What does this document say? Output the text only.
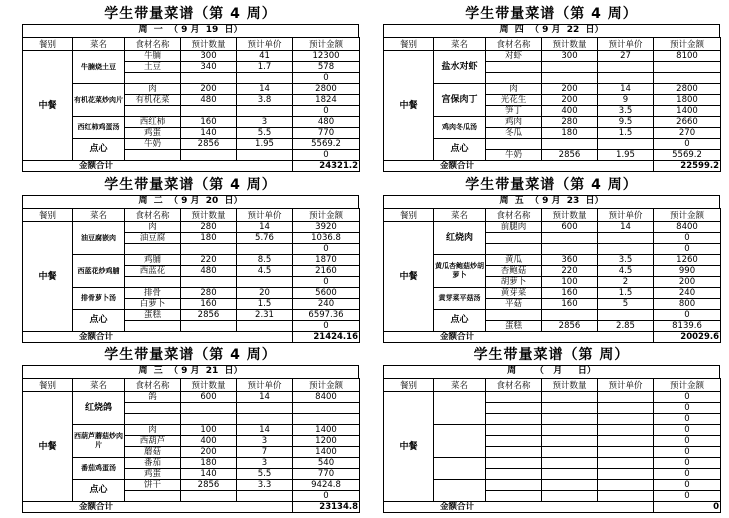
学生带量菜谱（第 4 周）
周  一  （ 9 月  19  日）
餐别	菜名	食材名称	预计数量	预计单价	预计金额
中餐	牛腩烧土豆	牛腩	300	41	12300
		土豆	340	1.7	578
					0
	有机花菜炒肉片	肉	200	14	2800
		有机花菜	480	3.8	1824
					0
	西红柿鸡蛋汤	西红柿	160	3	480
		鸡蛋	140	5.5	770
	点心	牛奶	2856	1.95	5569.2
					0
金额合计					24321.2
学生带量菜谱（第 4 周）
周  四  （ 9 月  22  日）
餐别	菜名	食材名称	预计数量	预计单价	预计金额
中餐	盐水对虾	对虾	300	27	8100

	宫保肉丁	肉	200	14	2800
		光花生	200	9	1800
		笋丁	400	3.5	1400
	鸡肉冬瓜汤	鸡肉	280	9.5	2660
		冬瓜	180	1.5	270
	点心				0
		牛奶	2856	1.95	5569.2
金额合计					22599.2
学生带量菜谱（第 4 周）
周  二  （ 9 月  20  日）
餐别	菜名	食材名称	预计数量	预计单价	预计金额
中餐	油豆腐嵌肉	肉	280	14	3920
		油豆腐	180	5.76	1036.8
					0
	西蓝花炒鸡脯	鸡脯	220	8.5	1870
		西蓝花	480	4.5	2160
					0
	排骨萝卜汤	排骨	280	20	5600
		白萝卜	160	1.5	240
	点心	蛋糕	2856	2.31	6597.36
					0
金额合计					21424.16
学生带量菜谱（第 4 周）
周  五  （ 9 月  23  日）
餐别	菜名	食材名称	预计数量	预计单价	预计金额
中餐	红烧肉	前腿肉	600	14	8400
					0
					0
	黄瓜杏鲍菇炒胡萝卜	黄瓜	360	3.5	1260
		杏鲍菇	220	4.5	990
		胡萝卜	100	2	200
	黄芽菜平菇汤	黄芽菜	160	1.5	240
		平菇	160	5	800
	点心				0
		蛋糕	2856	2.85	8139.6
金额合计					20029.6
学生带量菜谱（第 4 周）
周  三  （ 9 月  21  日）
餐别	菜名	食材名称	预计数量	预计单价	预计金额
中餐	红烧鸽	鸽	600	14	8400

	西葫芦蘑菇炒肉片	肉	100	14	1400
		西葫芦	400	3	1200
		蘑菇	200	7	1400
	番茄鸡蛋汤	番茄	180	3	540
		鸡蛋	140	5.5	770
	点心	饼干	2856	3.3	9424.8
					0
金额合计					23134.8
学生带量菜谱（第 周）
周      （   月     日）
餐别	菜名	食材名称	预计数量	预计单价	预计金额
中餐					0
					0
					0
					0
					0
					0
					0
					0
					0
					0
金额合计					0
